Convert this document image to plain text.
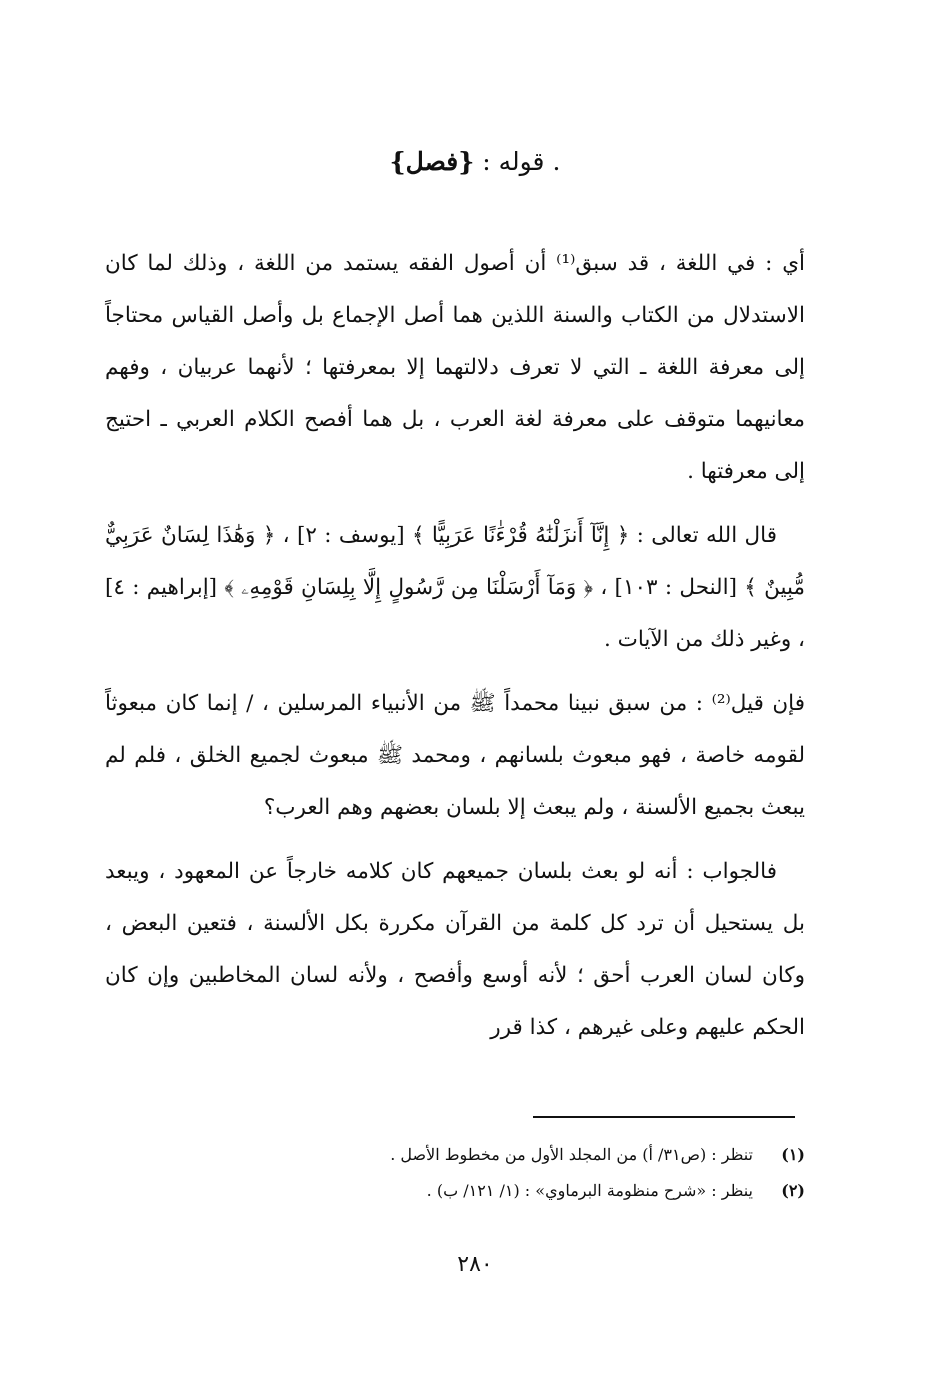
قوله : {فصل}	.

أي : في اللغة ، قد سبق⁽¹⁾ أن أصول الفقه يستمد من اللغة ، وذلك لما كان الاستدلال من الكتاب والسنة اللذين هما أصل الإجماع بل وأصل القياس محتاجاً إلى معرفة اللغة ـ التي لا تعرف دلالتهما إلا بمعرفتها ؛ لأنهما عربيان ، وفهم معانيهما متوقف على معرفة لغة العرب ، بل هما أفصح الكلام العربي ـ احتيج إلى معرفتها .

قال الله تعالى : ﴿ إِنَّآ أَنزَلْنَٰهُ قُرْءَٰنًا عَرَبِيًّا ﴾ [يوسف : ٢] ، ﴿ وَهَٰذَا لِسَانٌ عَرَبِيٌّ مُّبِينٌ ﴾ [النحل : ١٠٣] ، ﴿ وَمَآ أَرْسَلْنَا مِن رَّسُولٍ إِلَّا بِلِسَانِ قَوْمِهِۦ ﴾ [إبراهيم : ٤] ، وغير ذلك من الآيات .

فإن قيل⁽²⁾ : من سبق نبينا محمداً ﷺ من الأنبياء المرسلين ، / إنما كان مبعوثاً لقومه خاصة ، فهو مبعوث بلسانهم ، ومحمد ﷺ مبعوث لجميع الخلق ، فلم لم يبعث بجميع الألسنة ، ولم يبعث إلا بلسان بعضهم وهم العرب؟

فالجواب : أنه لو بعث بلسان جميعهم كان كلامه خارجاً عن المعهود ، ويبعد بل يستحيل أن ترد كل كلمة من القرآن مكررة بكل الألسنة ، فتعين البعض ، وكان لسان العرب أحق ؛ لأنه أوسع وأفصح ، ولأنه لسان المخاطبين وإن كان الحكم عليهم وعلى غيرهم ، كذا قرر

(١)تنظر : (ص٣١/ أ) من المجلد الأول من مخطوط الأصل .
(٢)ينظر : «شرح منظومة البرماوي» : (١/ ١٢١/ ب) .
٢٨٠
